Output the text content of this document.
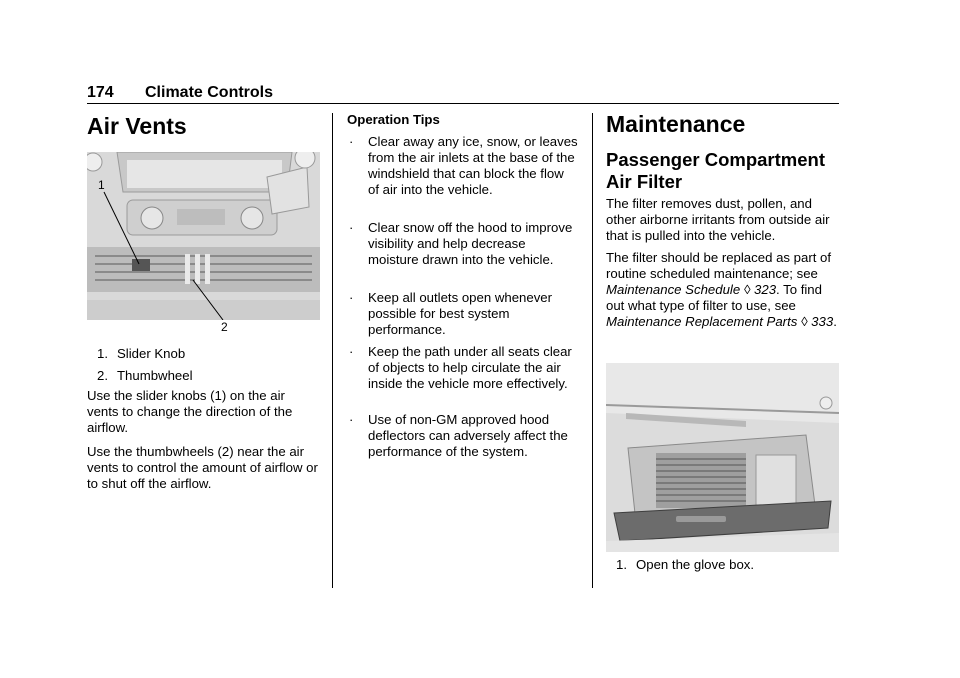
174 Climate Controls
Air Vents
1
2
1. Slider Knob
2. Thumbwheel

Use the slider knobs (1) on the air vents to change the direction of the airflow.

Use the thumbwheels (2) near the air vents to control the amount of airflow or to shut off the airflow.

Operation Tips

· Clear away any ice, snow, or leaves from the air inlets at the base of the windshield that can block the flow of air into the vehicle.
· Clear snow off the hood to improve visibility and help decrease moisture drawn into the vehicle.
· Keep all outlets open whenever possible for best system performance.
· Keep the path under all seats clear of objects to help circulate the air inside the vehicle more effectively.
· Use of non-GM approved hood deflectors can adversely affect the performance of the system.
Maintenance
Passenger Compartment
Air Filter

The filter removes dust, pollen, and other airborne irritants from outside air that is pulled into the vehicle.

The filter should be replaced as part of routine scheduled maintenance; see Maintenance Schedule ◊ 323. To find out what type of filter to use, see Maintenance Replacement Parts ◊ 333.

1. Open the glove box.
